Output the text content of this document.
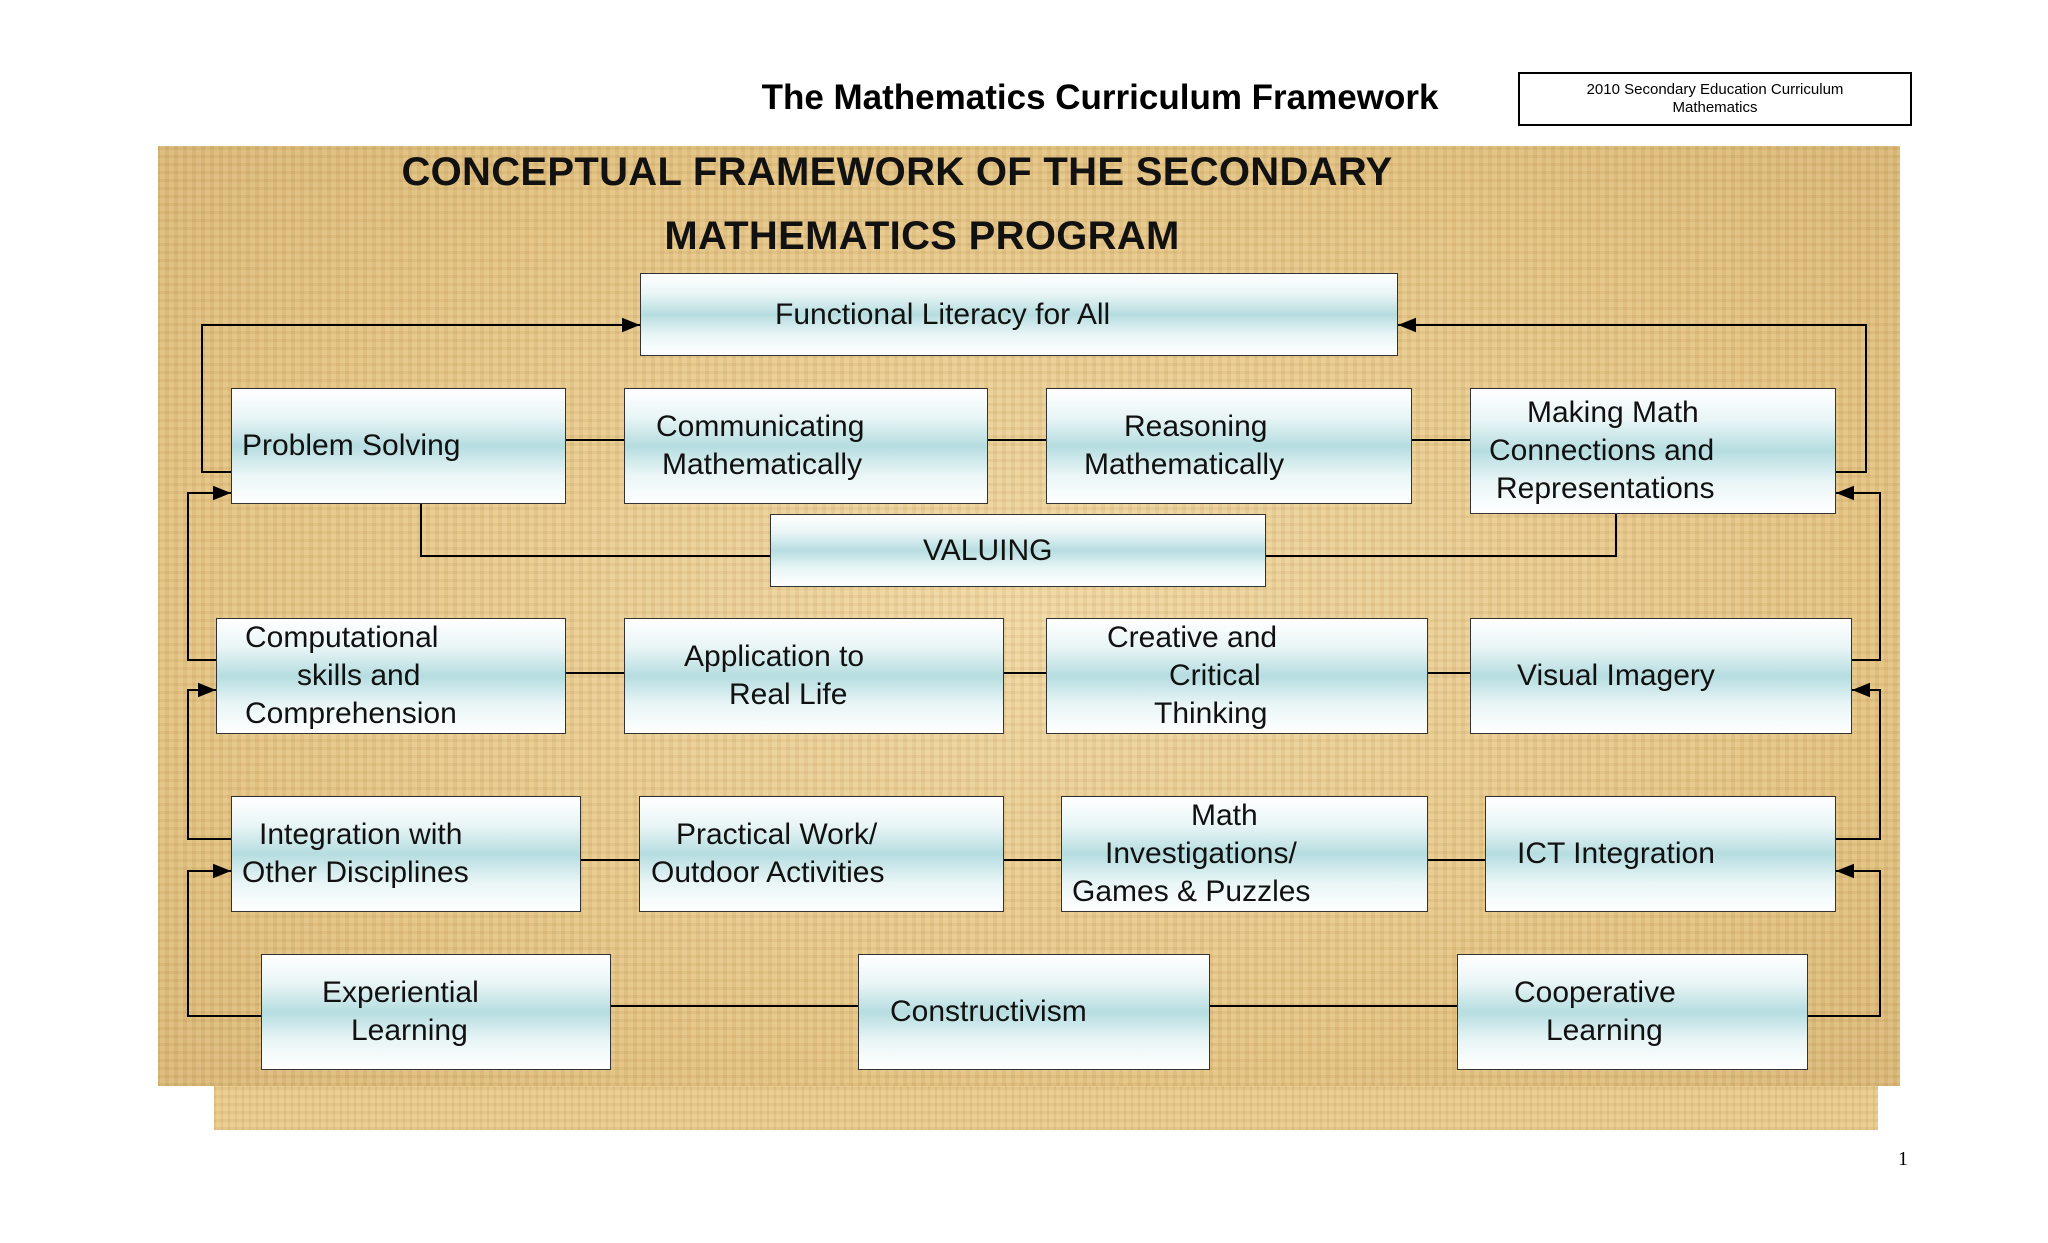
The Mathematics Curriculum Framework	2010 Secondary Education Curriculum
Mathematics
CONCEPTUAL FRAMEWORK OF THE SECONDARY
MATHEMATICS PROGRAM
Functional Literacy for All
Problem Solving
Communicating
Mathematically
Reasoning
Mathematically
Making Math
Connections and
Representations
VALUING
Computational
skills and
Comprehension
Application to
Real Life
Creative and
Critical
Thinking
Visual Imagery
Integration with
Other Disciplines
Practical Work/
Outdoor Activities
Math
Investigations/
Games & Puzzles
ICT Integration
Experiential
Learning
Constructivism
Cooperative
Learning
1
